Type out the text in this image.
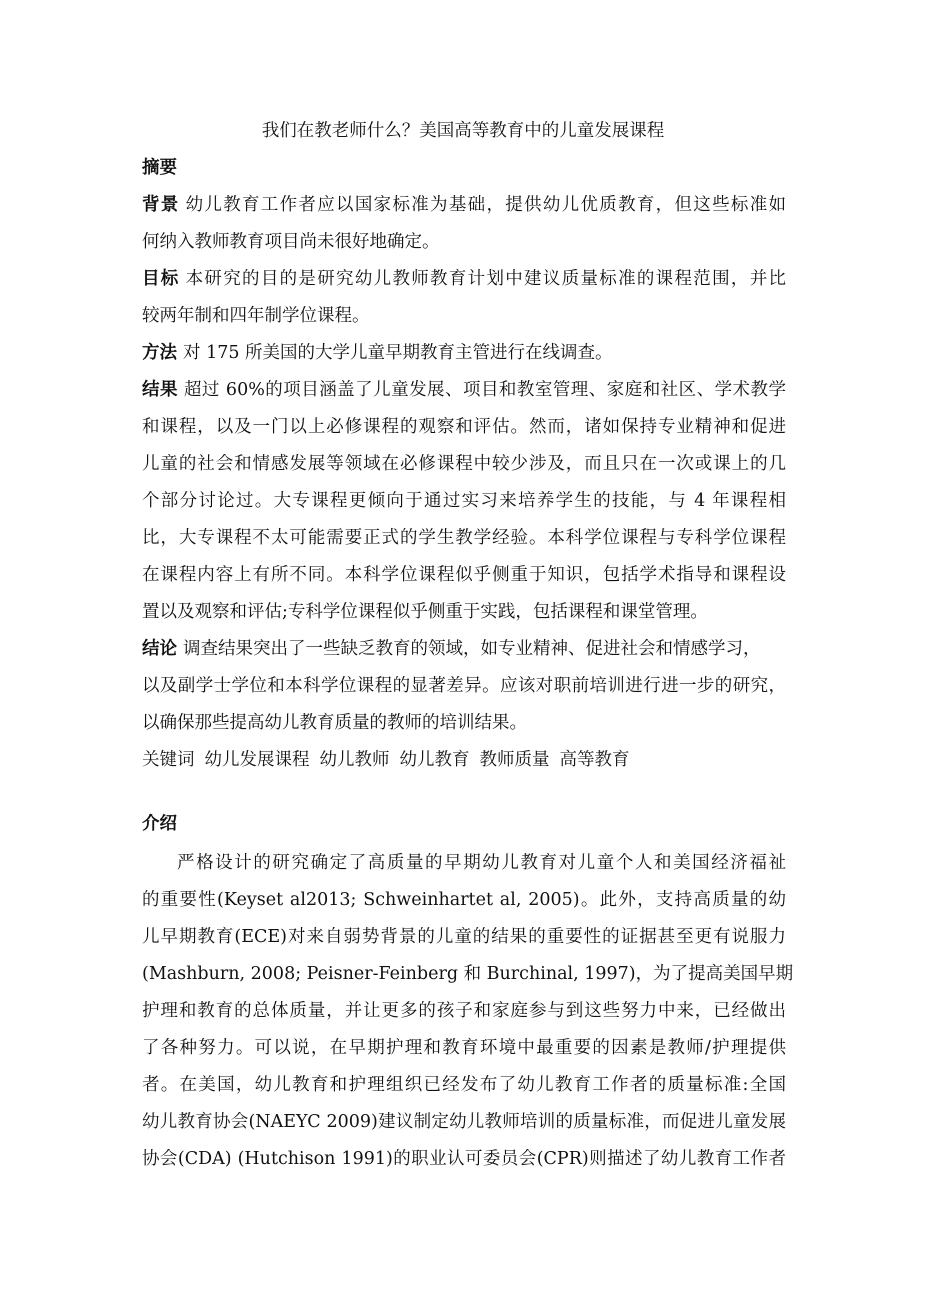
我们在教老师什么？美国高等教育中的儿童发展课程
摘要
背景 幼儿教育工作者应以国家标准为基础，提供幼儿优质教育，但这些标准如
何纳入教师教育项目尚未很好地确定。
目标 本研究的目的是研究幼儿教师教育计划中建议质量标准的课程范围，并比
较两年制和四年制学位课程。
方法 对 175 所美国的大学儿童早期教育主管进行在线调查。
结果 超过 60%的项目涵盖了儿童发展、项目和教室管理、家庭和社区、学术教学
和课程，以及一门以上必修课程的观察和评估。然而，诸如保持专业精神和促进
儿童的社会和情感发展等领域在必修课程中较少涉及，而且只在一次或课上的几
个部分讨论过。大专课程更倾向于通过实习来培养学生的技能，与 4 年课程相
比，大专课程不太可能需要正式的学生教学经验。本科学位课程与专科学位课程
在课程内容上有所不同。本科学位课程似乎侧重于知识，包括学术指导和课程设
置以及观察和评估;专科学位课程似乎侧重于实践，包括课程和课堂管理。
结论 调查结果突出了一些缺乏教育的领域，如专业精神、促进社会和情感学习，
以及副学士学位和本科学位课程的显著差异。应该对职前培训进行进一步的研究，
以确保那些提高幼儿教育质量的教师的培训结果。
关键词 幼儿发展课程 幼儿教师 幼儿教育 教师质量 高等教育
介绍
严格设计的研究确定了高质量的早期幼儿教育对儿童个人和美国经济福祉
的重要性(Keyset al2013; Schweinhartet al, 2005)。此外，支持高质量的幼
儿早期教育(ECE)对来自弱势背景的儿童的结果的重要性的证据甚至更有说服力
(Mashburn, 2008; Peisner-Feinberg 和 Burchinal, 1997)，为了提高美国早期
护理和教育的总体质量，并让更多的孩子和家庭参与到这些努力中来，已经做出
了各种努力。可以说，在早期护理和教育环境中最重要的因素是教师/护理提供
者。在美国，幼儿教育和护理组织已经发布了幼儿教育工作者的质量标准:全国
幼儿教育协会(NAEYC 2009)建议制定幼儿教师培训的质量标准，而促进儿童发展
协会(CDA) (Hutchison 1991)的职业认可委员会(CPR)则描述了幼儿教育工作者
